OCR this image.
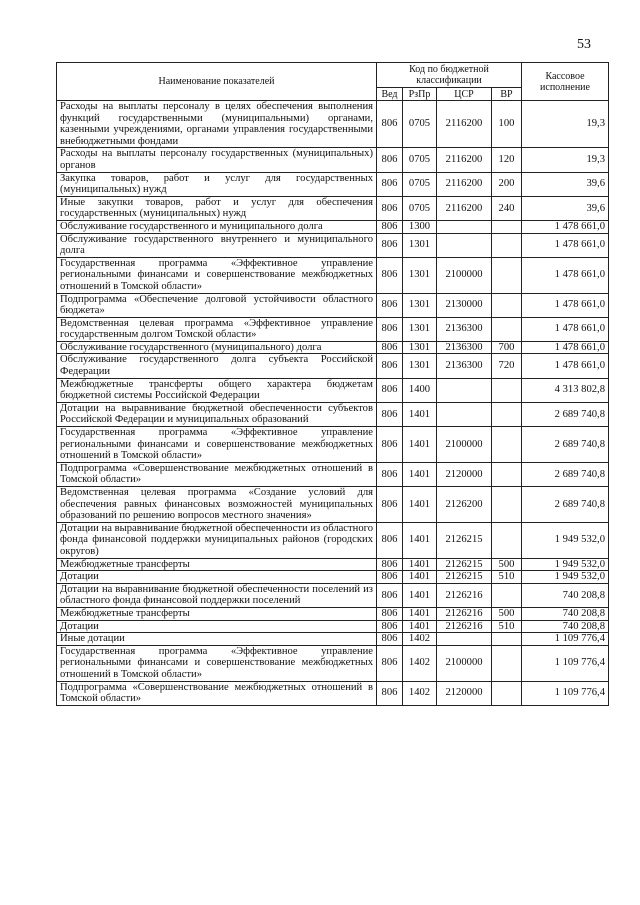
53
Наименование показателей	Код по бюджетной классификации				Кассовое исполнение
	Вед	РзПр	ЦСР	ВР	
Расходы на выплаты персоналу в целях обеспечения выполнения функций государственными (муниципальными) органами, казенными учреждениями, органами управления государственными внебюджетными фондами	806	0705	2116200	100	19,3
Расходы на выплаты персоналу государственных (муниципальных) органов	806	0705	2116200	120	19,3
Закупка товаров, работ и услуг для государственных (муниципальных) нужд	806	0705	2116200	200	39,6
Иные закупки товаров, работ и услуг для обеспечения государственных (муниципальных) нужд	806	0705	2116200	240	39,6
Обслуживание государственного и муниципального долга	806	1300			1 478 661,0
Обслуживание государственного внутреннего и муниципального долга	806	1301			1 478 661,0
Государственная программа «Эффективное управление региональными финансами и совершенствование межбюджетных отношений в Томской области»	806	1301	2100000		1 478 661,0
Подпрограмма «Обеспечение долговой устойчивости областного бюджета»	806	1301	2130000		1 478 661,0
Ведомственная целевая программа «Эффективное управление государственным долгом Томской области»	806	1301	2136300		1 478 661,0
Обслуживание государственного (муниципального) долга	806	1301	2136300	700	1 478 661,0
Обслуживание государственного долга субъекта Российской Федерации	806	1301	2136300	720	1 478 661,0
Межбюджетные трансферты общего характера бюджетам бюджетной системы Российской Федерации	806	1400			4 313 802,8
Дотации на выравнивание бюджетной обеспеченности субъектов Российской Федерации и муниципальных образований	806	1401			2 689 740,8
Государственная программа «Эффективное управление региональными финансами и совершенствование межбюджетных отношений в Томской области»	806	1401	2100000		2 689 740,8
Подпрограмма «Совершенствование межбюджетных отношений в Томской области»	806	1401	2120000		2 689 740,8
Ведомственная целевая программа «Создание условий для обеспечения равных финансовых возможностей муниципальных образований по решению вопросов местного значения»	806	1401	2126200		2 689 740,8
Дотации на выравнивание бюджетной обеспеченности из областного фонда финансовой поддержки муниципальных районов (городских округов)	806	1401	2126215		1 949 532,0
Межбюджетные трансферты	806	1401	2126215	500	1 949 532,0
Дотации	806	1401	2126215	510	1 949 532,0
Дотации на выравнивание бюджетной обеспеченности поселений из областного фонда финансовой поддержки поселений	806	1401	2126216		740 208,8
Межбюджетные трансферты	806	1401	2126216	500	740 208,8
Дотации	806	1401	2126216	510	740 208,8
Иные дотации	806	1402			1 109 776,4
Государственная программа «Эффективное управление региональными финансами и совершенствование межбюджетных отношений в Томской области»	806	1402	2100000		1 109 776,4
Подпрограмма «Совершенствование межбюджетных отношений в Томской области»	806	1402	2120000		1 109 776,4
